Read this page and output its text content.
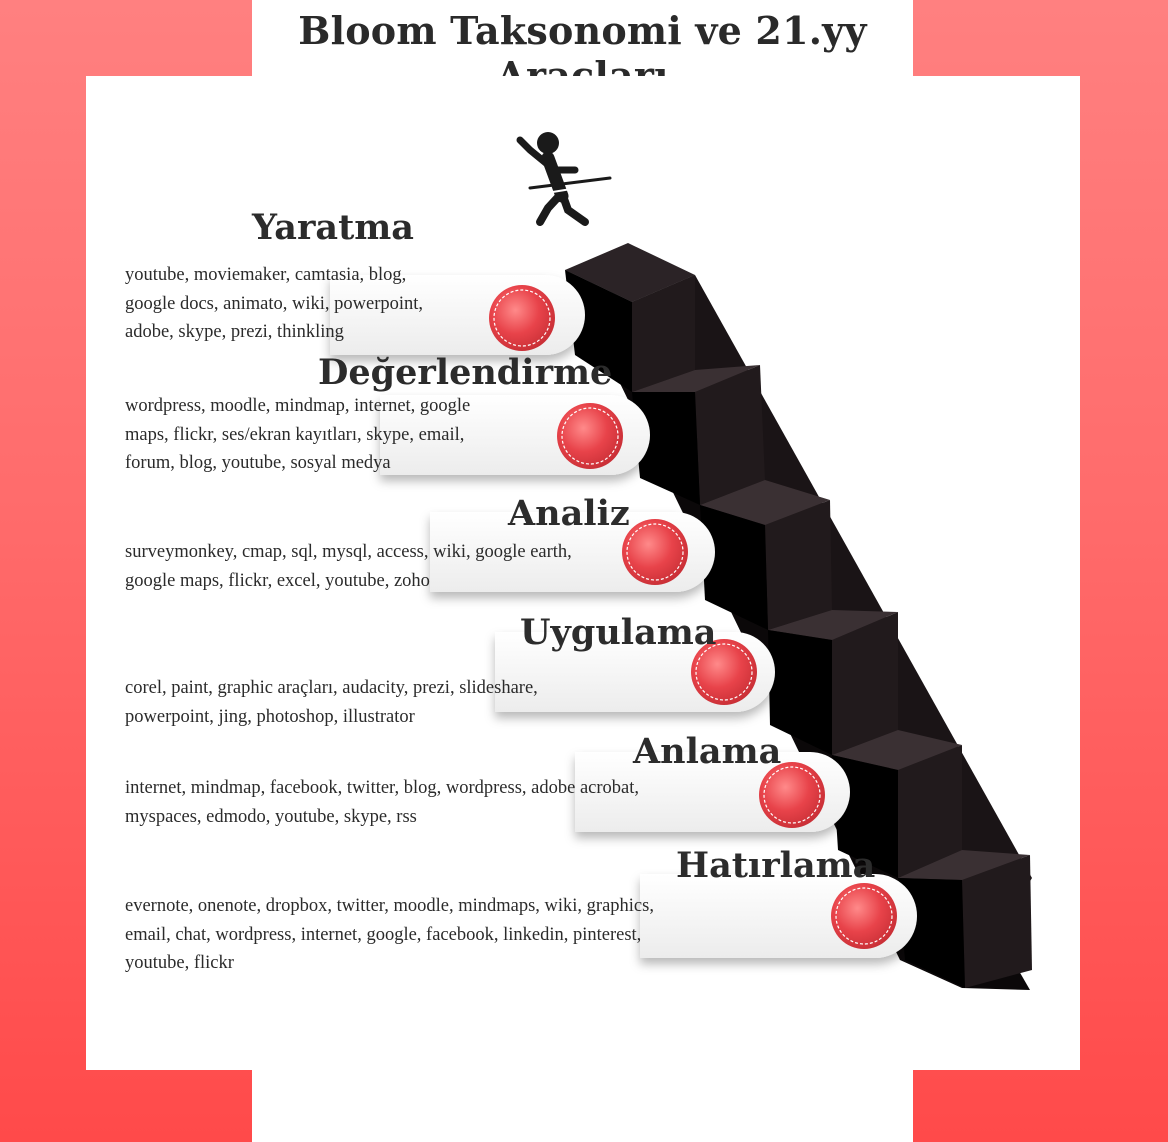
Bloom Taksonomi ve 21.yy

Yaratma

Değerlendirme

Analiz

Uygulama

Anlama

Hatırlama

youtube, moviemaker, camtasia, blog,
google docs, animato, wiki, powerpoint,
adobe, skype, prezi, thinkling

wordpress, moodle, mindmap, internet, google
maps, flickr, ses/ekran kayıtları, skype, email,
forum, blog, youtube, sosyal medya

surveymonkey, cmap, sql, mysql, access, wiki, google earth,
google maps, flickr, excel, youtube, zoho

corel, paint, graphic araçları, audacity, prezi, slideshare,
powerpoint, jing, photoshop, illustrator

internet, mindmap, facebook, twitter, blog, wordpress, adobe acrobat,
myspaces, edmodo, youtube, skype, rss

evernote, onenote, dropbox, twitter, moodle, mindmaps, wiki, graphics,
email, chat, wordpress, internet, google, facebook, linkedin, pinterest,
youtube, flickr
